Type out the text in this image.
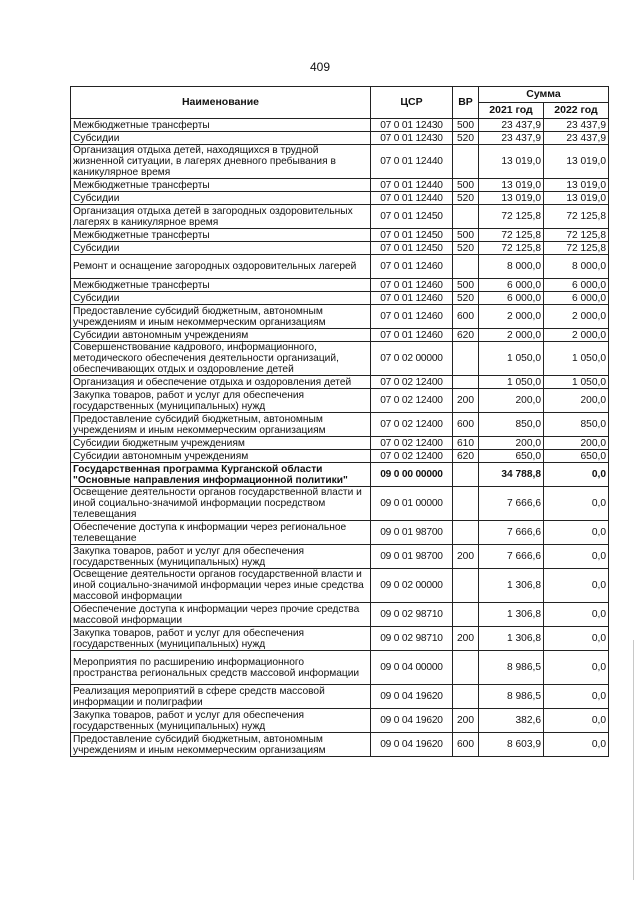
409
Наименование	ЦСР	ВР	Сумма	
			2021 год	2022 год
Межбюджетные трансферты	07 0 01 12430	500	23 437,9	23 437,9
Субсидии	07 0 01 12430	520	23 437,9	23 437,9
Организация отдыха детей, находящихся в трудной жизненной ситуации, в лагерях дневного пребывания в каникулярное время	07 0 01 12440		13 019,0	13 019,0
Межбюджетные трансферты	07 0 01 12440	500	13 019,0	13 019,0
Субсидии	07 0 01 12440	520	13 019,0	13 019,0
Организация отдыха детей в загородных оздоровительных лагерях в каникулярное время	07 0 01 12450		72 125,8	72 125,8
Межбюджетные трансферты	07 0 01 12450	500	72 125,8	72 125,8
Субсидии	07 0 01 12450	520	72 125,8	72 125,8
Ремонт и оснащение загородных оздоровительных лагерей	07 0 01 12460		8 000,0	8 000,0
Межбюджетные трансферты	07 0 01 12460	500	6 000,0	6 000,0
Субсидии	07 0 01 12460	520	6 000,0	6 000,0
Предоставление субсидий бюджетным, автономным учреждениям и иным некоммерческим организациям	07 0 01 12460	600	2 000,0	2 000,0
Субсидии автономным учреждениям	07 0 01 12460	620	2 000,0	2 000,0
Совершенствование кадрового, информационного, методического обеспечения деятельности организаций, обеспечивающих отдых и оздоровление детей	07 0 02 00000		1 050,0	1 050,0
Организация и обеспечение отдыха и оздоровления детей	07 0 02 12400		1 050,0	1 050,0
Закупка товаров, работ и услуг для обеспечения государственных (муниципальных) нужд	07 0 02 12400	200	200,0	200,0
Предоставление субсидий бюджетным, автономным учреждениям и иным некоммерческим организациям	07 0 02 12400	600	850,0	850,0
Субсидии бюджетным учреждениям	07 0 02 12400	610	200,0	200,0
Субсидии автономным учреждениям	07 0 02 12400	620	650,0	650,0
Государственная программа Курганской области "Основные направления информационной политики"	09 0 00 00000		34 788,8	0,0
Освещение деятельности органов государственной власти и иной социально-значимой информации посредством телевещания	09 0 01 00000		7 666,6	0,0
Обеспечение доступа к информации через региональное телевещание	09 0 01 98700		7 666,6	0,0
Закупка товаров, работ и услуг для обеспечения государственных (муниципальных) нужд	09 0 01 98700	200	7 666,6	0,0
Освещение деятельности органов государственной власти и иной социально-значимой информации через иные средства массовой информации	09 0 02 00000		1 306,8	0,0
Обеспечение доступа к информации через прочие средства массовой информации	09 0 02 98710		1 306,8	0,0
Закупка товаров, работ и услуг для обеспечения государственных (муниципальных) нужд	09 0 02 98710	200	1 306,8	0,0
Мероприятия по расширению информационного пространства региональных средств массовой информации	09 0 04 00000		8 986,5	0,0
Реализация мероприятий в сфере средств массовой информации и полиграфии	09 0 04 19620		8 986,5	0,0
Закупка товаров, работ и услуг для обеспечения государственных (муниципальных) нужд	09 0 04 19620	200	382,6	0,0
Предоставление субсидий бюджетным, автономным учреждениям и иным некоммерческим организациям	09 0 04 19620	600	8 603,9	0,0
